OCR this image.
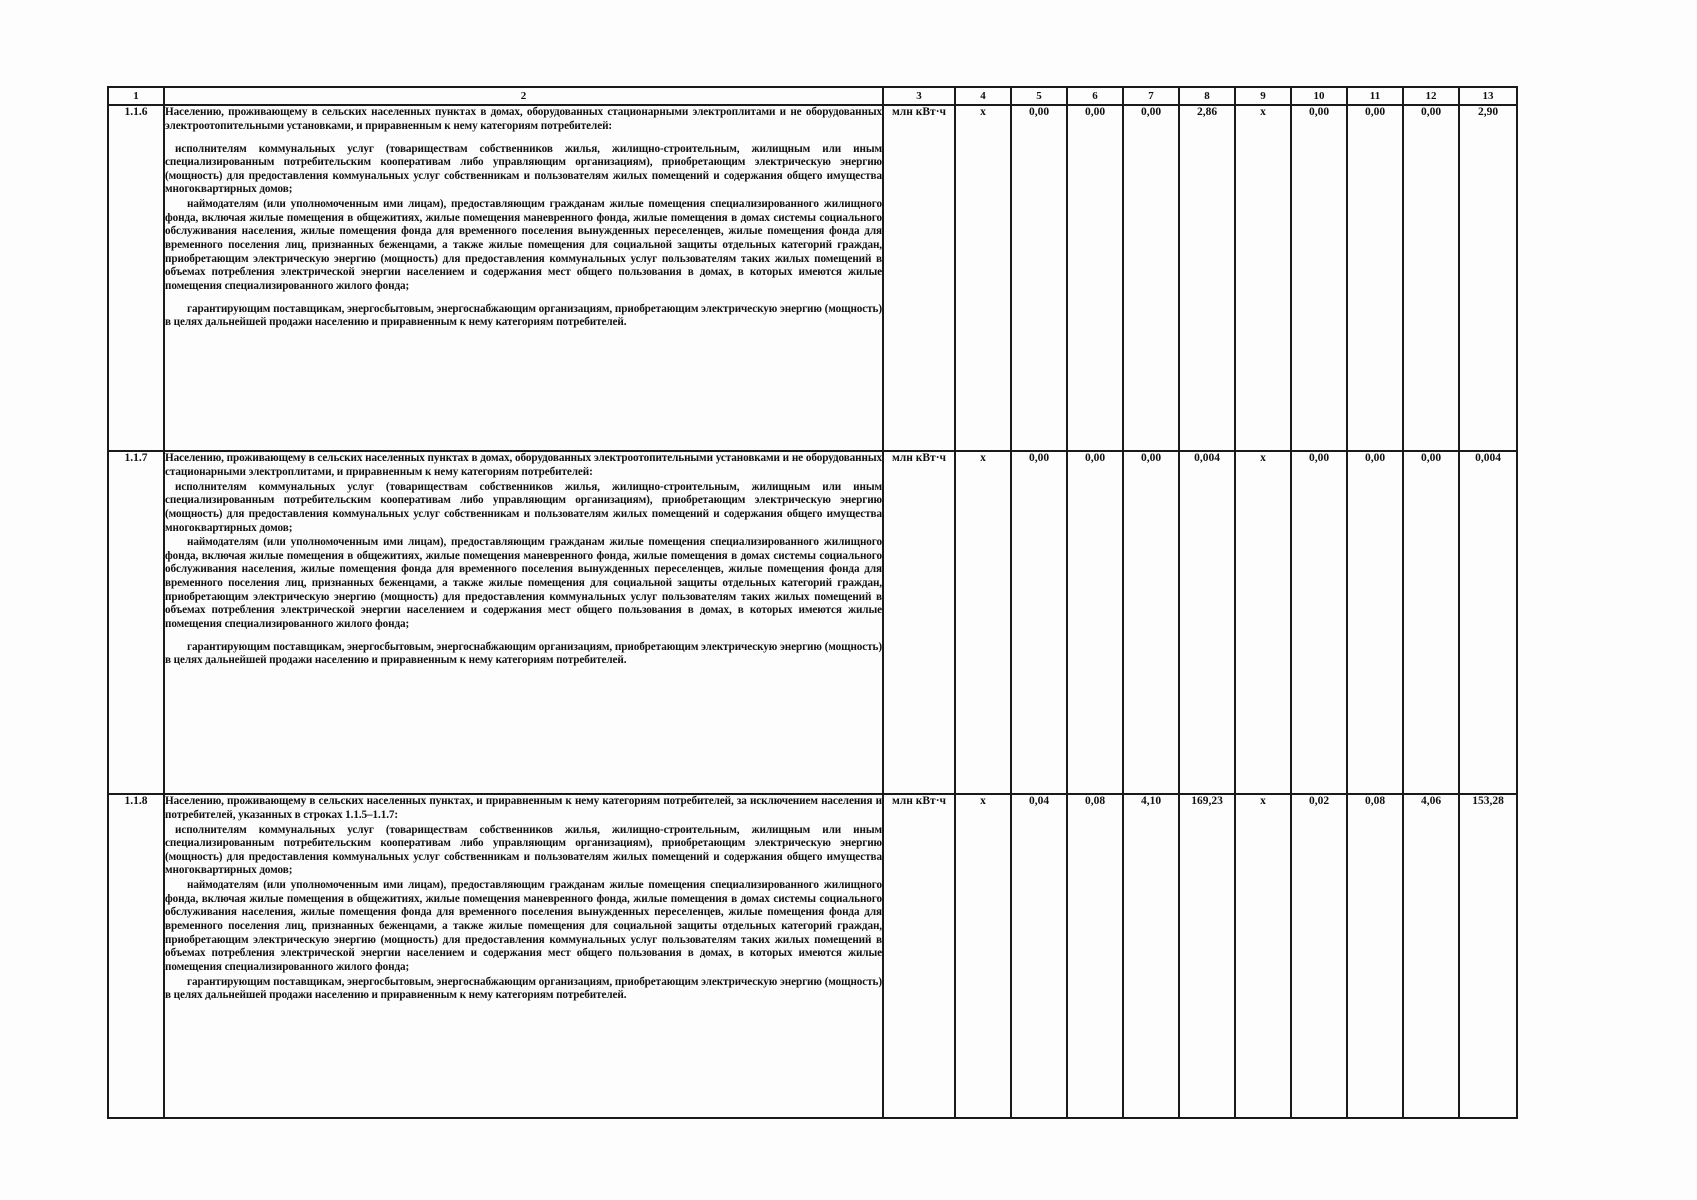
1	2	3	4	5	6	7	8	9	10	11	12	13
1.1.6	Населению, проживающему в сельских населенных пунктах в домах, оборудованных стационарными электроплитами и не оборудованных электроотопительными установками, и приравненным к нему категориям потребителей:

исполнителям коммунальных услуг (товариществам собственников жилья, жилищно-строительным, жилищным или иным специализированным потребительским кооперативам либо управляющим организациям), приобретающим электрическую энергию (мощность) для предоставления коммунальных услуг собственникам и пользователям жилых помещений и содержания общего имущества многоквартирных домов;

наймодателям (или уполномоченным ими лицам), предоставляющим гражданам жилые помещения специализированного жилищного фонда, включая жилые помещения в общежитиях, жилые помещения маневренного фонда, жилые помещения в домах системы социального обслуживания населения, жилые помещения фонда для временного поселения вынужденных переселенцев, жилые помещения фонда для временного поселения лиц, признанных беженцами, а также жилые помещения для социальной защиты отдельных категорий граждан, приобретающим электрическую энергию (мощность) для предоставления коммунальных услуг пользователям таких жилых помещений в объемах потребления электрической энергии населением и содержания мест общего пользования в домах, в которых имеются жилые помещения специализированного жилого фонда;

гарантирующим поставщикам, энергосбытовым, энергоснабжающим организациям, приобретающим электрическую энергию (мощность) в целях дальнейшей продажи населению и приравненным к нему категориям потребителей.	млн кВт·ч	х	0,00	0,00	0,00	2,86	х	0,00	0,00	0,00	2,90
1.1.7	Населению, проживающему в сельских населенных пунктах в домах, оборудованных электроотопительными установками и не оборудованных стационарными электроплитами, и приравненным к нему категориям потребителей:

исполнителям коммунальных услуг (товариществам собственников жилья, жилищно-строительным, жилищным или иным специализированным потребительским кооперативам либо управляющим организациям), приобретающим электрическую энергию (мощность) для предоставления коммунальных услуг собственникам и пользователям жилых помещений и содержания общего имущества многоквартирных домов;

наймодателям (или уполномоченным ими лицам), предоставляющим гражданам жилые помещения специализированного жилищного фонда, включая жилые помещения в общежитиях, жилые помещения маневренного фонда, жилые помещения в домах системы социального обслуживания населения, жилые помещения фонда для временного поселения вынужденных переселенцев, жилые помещения фонда для временного поселения лиц, признанных беженцами, а также жилые помещения для социальной защиты отдельных категорий граждан, приобретающим электрическую энергию (мощность) для предоставления коммунальных услуг пользователям таких жилых помещений в объемах потребления электрической энергии населением и содержания мест общего пользования в домах, в которых имеются жилые помещения специализированного жилого фонда;

гарантирующим поставщикам, энергосбытовым, энергоснабжающим организациям, приобретающим электрическую энергию (мощность) в целях дальнейшей продажи населению и приравненным к нему категориям потребителей.	млн кВт·ч	х	0,00	0,00	0,00	0,004	х	0,00	0,00	0,00	0,004
1.1.8	Населению, проживающему в сельских населенных пунктах, и приравненным к нему категориям потребителей, за исключением населения и потребителей, указанных в строках 1.1.5–1.1.7:

исполнителям коммунальных услуг (товариществам собственников жилья, жилищно-строительным, жилищным или иным специализированным потребительским кооперативам либо управляющим организациям), приобретающим электрическую энергию (мощность) для предоставления коммунальных услуг собственникам и пользователям жилых помещений и содержания общего имущества многоквартирных домов;

наймодателям (или уполномоченным ими лицам), предоставляющим гражданам жилые помещения специализированного жилищного фонда, включая жилые помещения в общежитиях, жилые помещения маневренного фонда, жилые помещения в домах системы социального обслуживания населения, жилые помещения фонда для временного поселения вынужденных переселенцев, жилые помещения фонда для временного поселения лиц, признанных беженцами, а также жилые помещения для социальной защиты отдельных категорий граждан, приобретающим электрическую энергию (мощность) для предоставления коммунальных услуг пользователям таких жилых помещений в объемах потребления электрической энергии населением и содержания мест общего пользования в домах, в которых имеются жилые помещения специализированного жилого фонда;

гарантирующим поставщикам, энергосбытовым, энергоснабжающим организациям, приобретающим электрическую энергию (мощность) в целях дальнейшей продажи населению и приравненным к нему категориям потребителей.	млн кВт·ч	х	0,04	0,08	4,10	169,23	х	0,02	0,08	4,06	153,28
